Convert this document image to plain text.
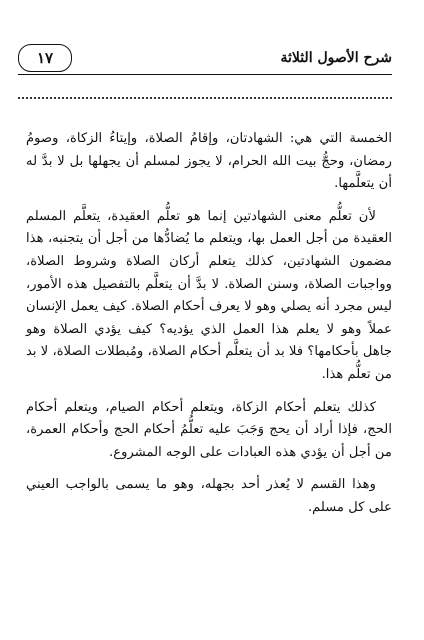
شرح الأصول الثلاثة
١٧

الخمسة التي هي: الشهادتان، وإقامُ الصلاة، وإيتاءُ الزكاة، وصومُ رمضان، وحجُّ بيت الله الحرام، لا يجوز لمسلم أن يجهلها بل لا بدَّ له أن يتعلَّمها.

لأن تعلُّم معنى الشهادتين إنما هو تعلُّم العقيدة، يتعلَّم المسلم العقيدة من أجل العمل بها، ويتعلم ما يُضادُّها من أجل أن يتجنبه، هذا مضمون الشهادتين، كذلك يتعلم أركان الصلاة وشروط الصلاة، وواجبات الصلاة، وسنن الصلاة. لا بدَّ أن يتعلَّم بالتفصيل هذه الأمور، ليس مجرد أنه يصلي وهو لا يعرف أحكام الصلاة. كيف يعمل الإنسان عملاً وهو لا يعلم هذا العمل الذي يؤديه؟ كيف يؤدي الصلاة وهو جاهل بأحكامها؟ فلا بد أن يتعلَّم أحكام الصلاة، ومُبطلات الصلاة، لا بد من تعلُّم هذا.

كذلك يتعلم أحكام الزكاة، ويتعلم أحكام الصيام، ويتعلم أحكام الحج، فإذا أراد أن يحج وَجَبَ عليه تعلُّمُ أحكام الحج وأحكام العمرة، من أجل أن يؤدي هذه العبادات على الوجه المشروع.

وهذا القسم لا يُعذر أحد بجهله، وهو ما يسمى بالواجب العيني على كل مسلم.
